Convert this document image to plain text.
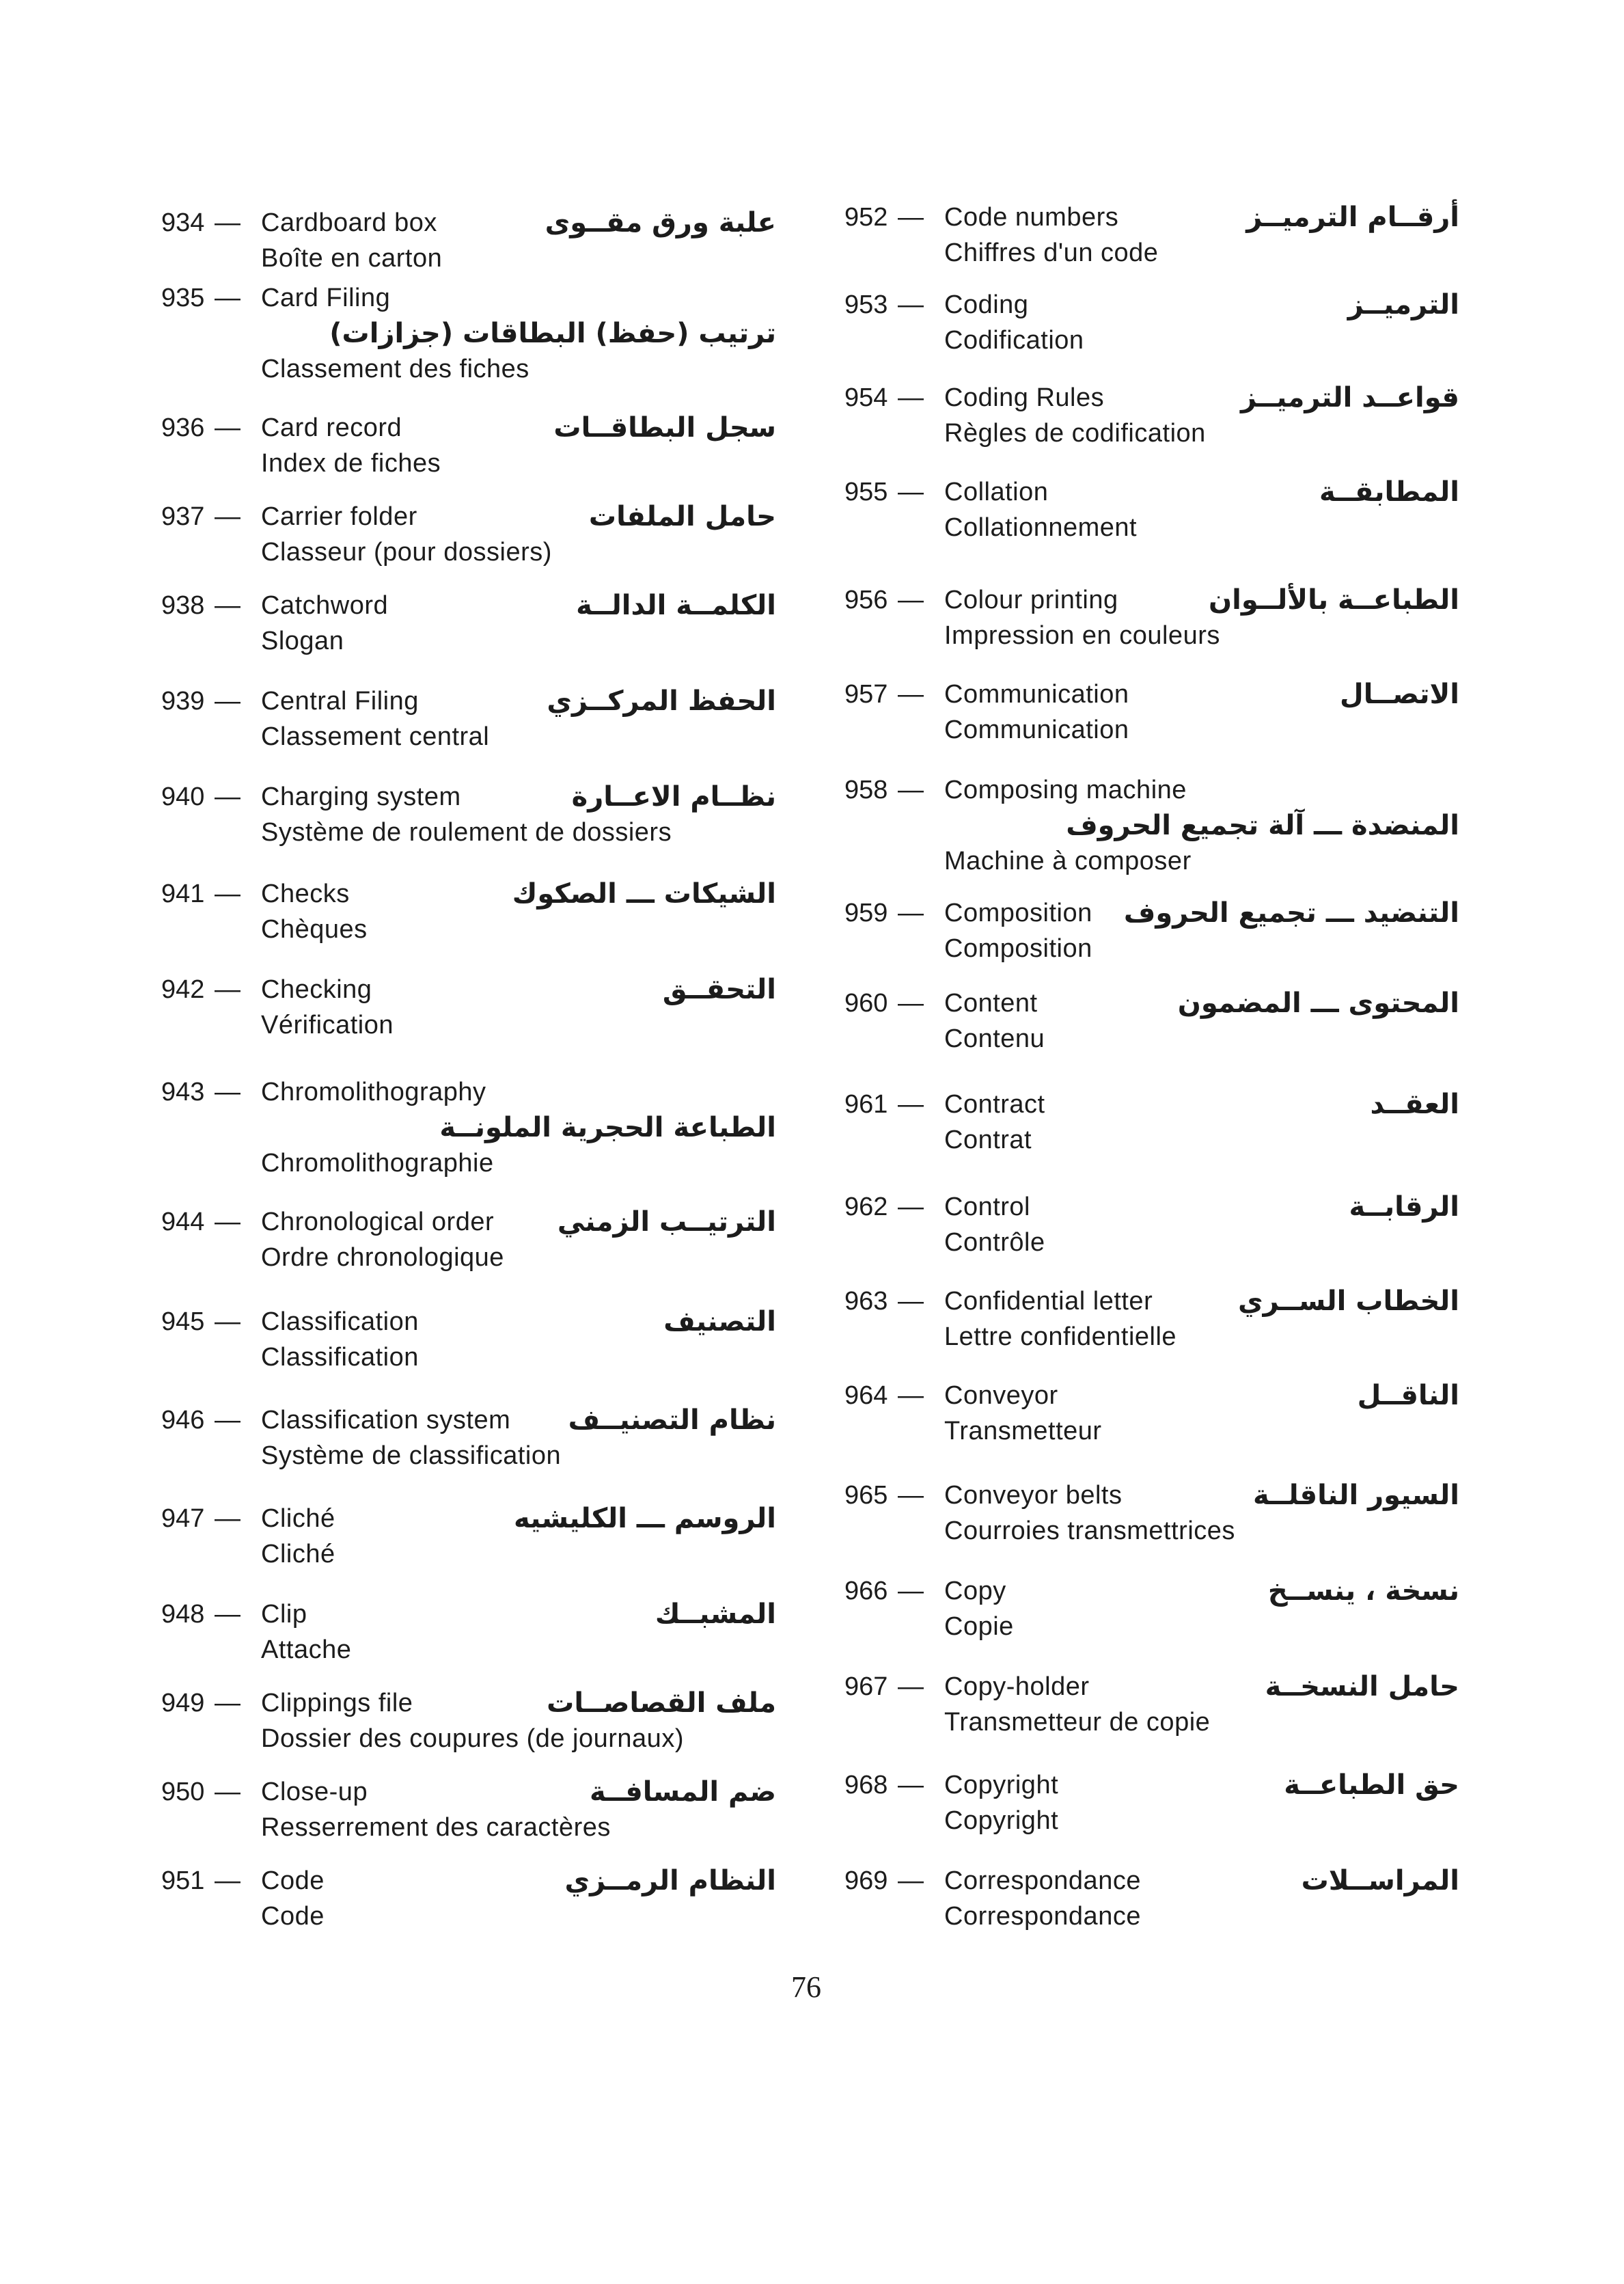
934 — Cardboard box	علبة ورق مقــوى
Boîte en carton
935 — Card Filing
ترتيب (حفظ) البطاقات (جزازات)
Classement des fiches
936 — Card record	سجل البطاقــات
Index de fiches
937 — Carrier folder	حامل الملفات
Classeur (pour dossiers)
938 — Catchword	الكلمــة الدالــة
Slogan
939 — Central Filing	الحفظ المركــزي
Classement central
940 — Charging system	نظــام الاعــارة
Système de roulement de dossiers
941 — Checks	الشيكات ـــ الصكوك
Chèques
942 — Checking	التحقــق
Vérification
943 — Chromolithography
الطباعة الحجرية الملونــة
Chromolithographie
944 — Chronological order الترتيــب الزمني
Ordre chronologique
945 — Classification	التصنيف
Classification
946 — Classification system نظام التصنيــف
Système de classification
947 — Cliché	الروسم ـــ الكليشيه
Cliché
948 — Clip	المشبــك
Attache
949 — Clippings file	ملف القصاصــات
Dossier des coupures (de journaux)
950 — Close-up	ضم المسافــة
Resserrement des caractères
951 — Code	النظام الرمــزي
Code
952 — Code numbers	أرقــام الترميــز
Chiffres d'un code
953 — Coding	الترميــز
Codification
954 — Coding Rules	قواعــد الترميــز
Règles de codification
955 — Collation	المطابقــة
Collationnement
956 — Colour printing	الطباعــة بالألــوان
Impression en couleurs
957 — Communication	الاتصــال
Communication
958 — Composing machine
المنضدة ـــ آلة تجميع الحروف
Machine à composer
959 — Composition التنضيد ـــ تجميع الحروف
Composition
960 — Content	المحتوى ـــ المضمون
Contenu
961 — Contract	العقــد
Contrat
962 — Control	الرقابــة
Contrôle
963 — Confidential letter	الخطاب الســري
Lettre confidentielle
964 — Conveyor	الناقــل
Transmetteur
965 — Conveyor belts	السيور الناقلــة
Courroies transmettrices
966 — Copy	نسخة ، ينســخ
Copie
967 — Copy-holder	حامل النسخــة
Transmetteur de copie
968 — Copyright	حق الطباعــة
Copyright
969 — Correspondance	المراســلات
Correspondance
76
